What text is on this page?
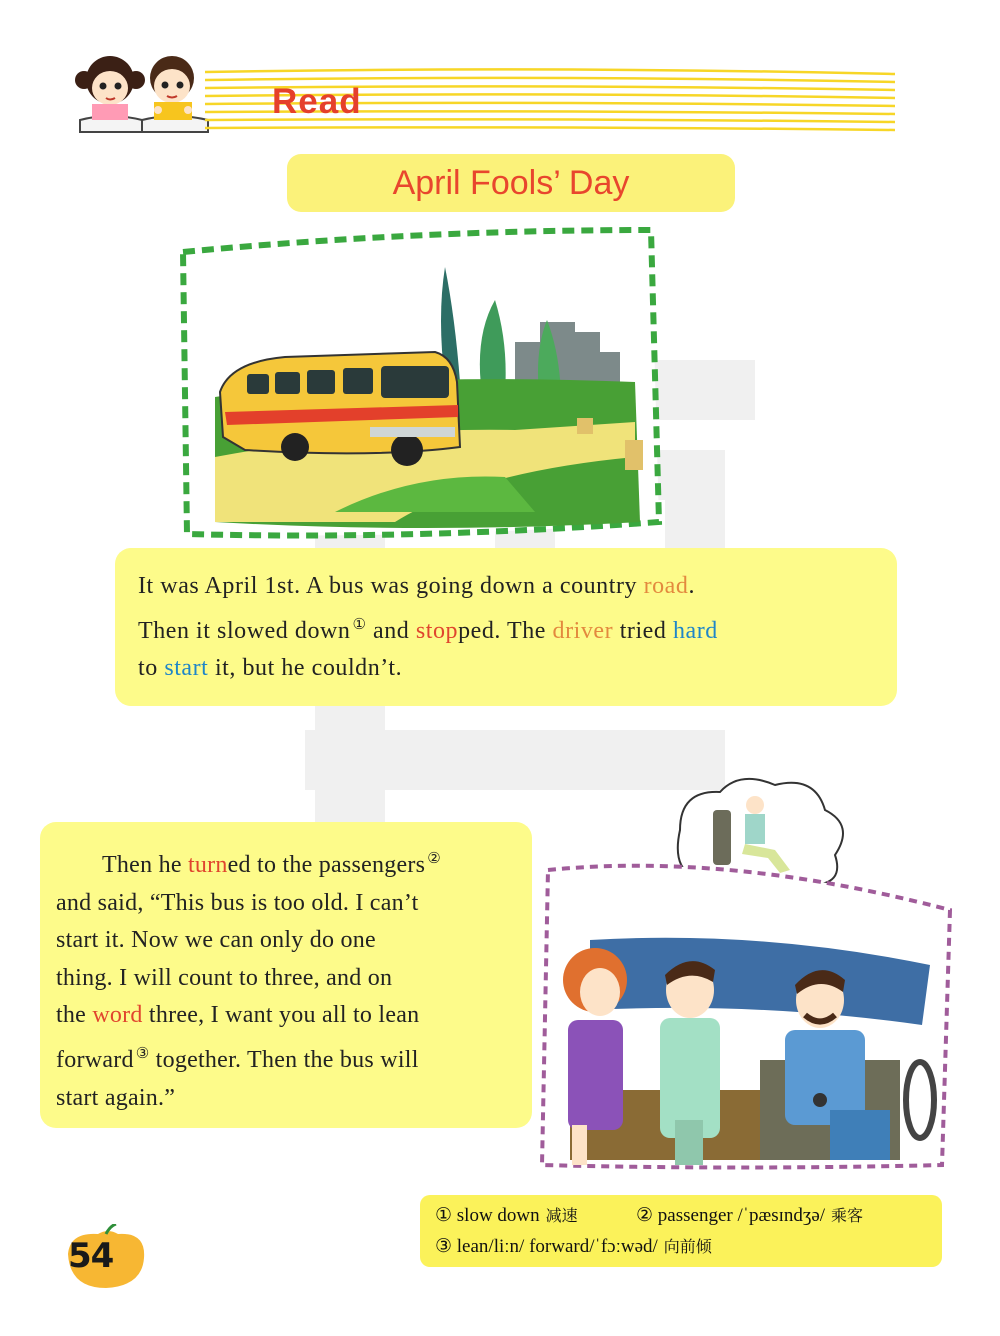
Read
April Fools’ Day
It was April 1st. A bus was going down a country road.
Then it slowed down ① and stopped. The driver tried hard
to start it, but he couldn’t.
Then he turned to the passengers ②
and said, “This bus is too old. I can’t
start it. Now we can only do one
thing. I will count to three, and on
the word three, I want you all to lean
forward ③ together. Then the bus will
start again.”
① slow down 减速	② passenger /ˈpæsɪndʒə/ 乘客
③ lean/liːn/ forward/ˈfɔːwəd/ 向前倾
54
